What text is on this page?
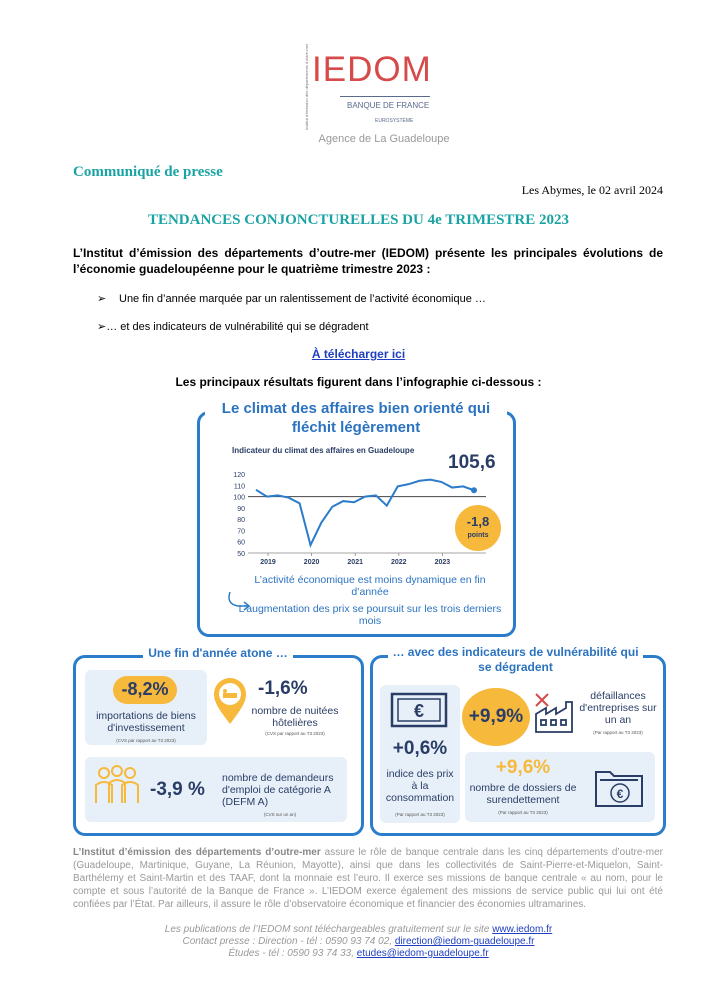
Institut d'émission des départements d'outre-mer IEDOM
BANQUE DE FRANCE
EUROSYSTÈME
Agence de La Guadeloupe
Communiqué de presse
Les Abymes, le 02 avril 2024
TENDANCES CONJONCTURELLES DU 4e TRIMESTRE 2023
L’Institut d’émission des départements d’outre-mer (IEDOM) présente les principales évolutions de l’économie guadeloupéenne pour le quatrième trimestre 2023 :
➢ Une fin d’année marquée par un ralentissement de l’activité économique …
➢… et des indicateurs de vulnérabilité qui se dégradent
À télécharger ici
Les principaux résultats figurent dans l’infographie ci-dessous :
Le climat des affaires bien orienté qui fléchit légèrement
Indicateur du climat des affaires en Guadeloupe
105,6
50
60
70
80
90
100
110
120
2019	2020	2021	2022	2023
-1,8
points
L’activité économique est moins dynamique en fin d’année
L’augmentation des prix se poursuit sur les trois derniers mois
Une fin d'année atone …
-8,2%
importations de biens d'investissement
(CVS par rapport au T3 2023)
-1,6%
nombre de nuitées hôtelières
(CVS par rapport au T3 2023)
-3,9 %
nombre de demandeurs d'emploi de catégorie A (DEFM A)
(CVS sur un an)
… avec des indicateurs de vulnérabilité qui se dégradent
€
+0,6%
indice des prix à la consommation
(Par rapport au T3 2023)
+9,9%
défaillances d'entreprises sur un an
(Par rapport au T3 2023)
+9,6%
nombre de dossiers de surendettement
(Par rapport au T3 2023)
€
L’Institut d’émission des départements d’outre-mer assure le rôle de banque centrale dans les cinq départements d’outre-mer (Guadeloupe, Martinique, Guyane, La Réunion, Mayotte), ainsi que dans les collectivités de Saint-Pierre-et-Miquelon, Saint-Barthélemy et Saint-Martin et des TAAF, dont la monnaie est l’euro. Il exerce ses missions de banque centrale « au nom, pour le compte et sous l’autorité de la Banque de France ». L’IEDOM exerce également des missions de service public qui lui ont été confiées par l’État. Par ailleurs, il assure le rôle d’observatoire économique et financier des économies ultramarines.
Les publications de l’IEDOM sont téléchargeables gratuitement sur le site www.iedom.fr
Contact presse : Direction - tél : 0590 93 74 02, direction@iedom-guadeloupe.fr
Études - tél : 0590 93 74 33, etudes@iedom-guadeloupe.fr
